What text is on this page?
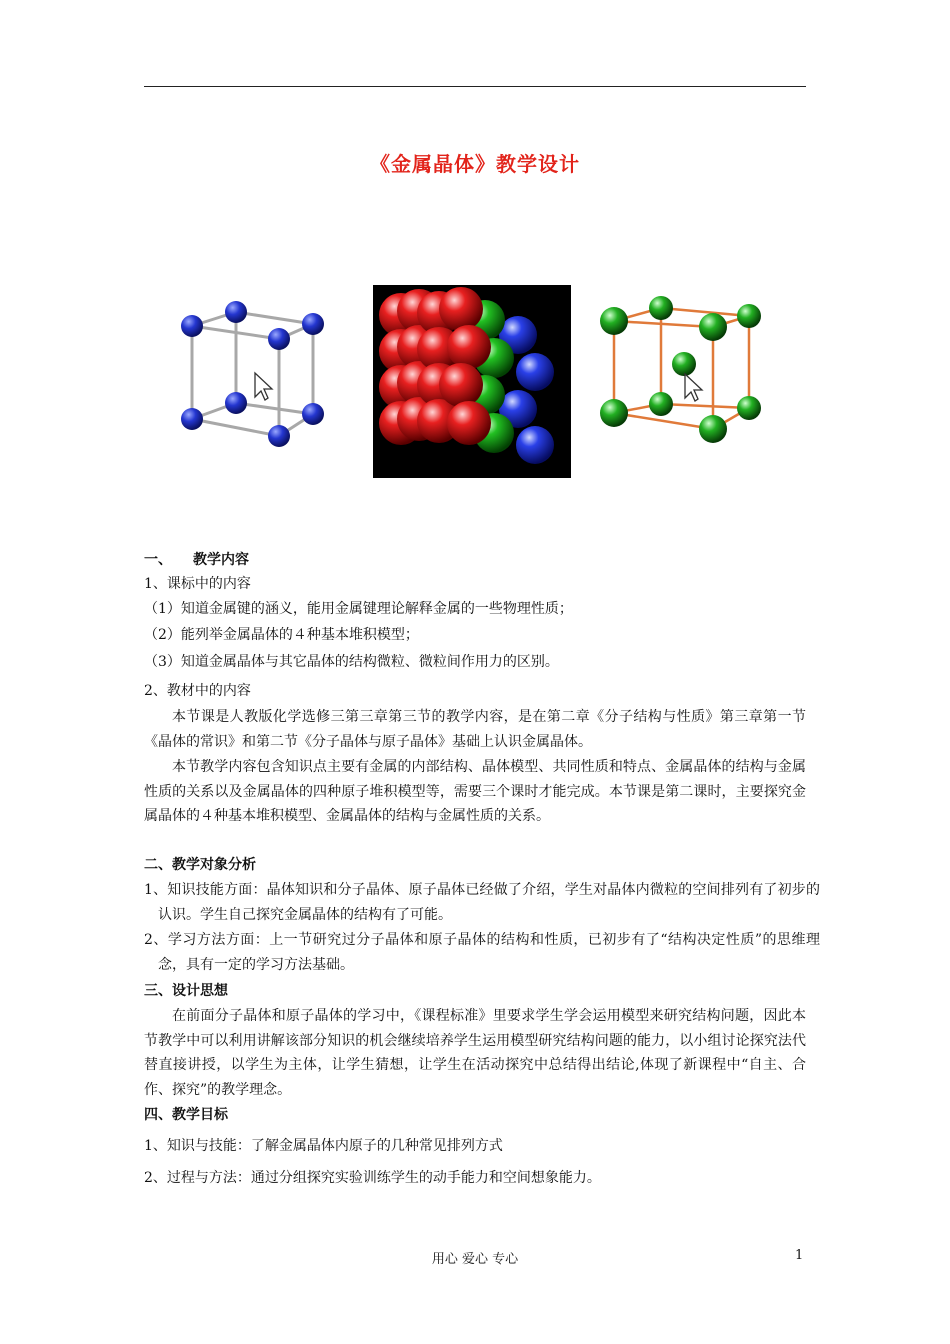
《金属晶体》教学设计
一、　　教学内容
1、课标中的内容
（1）知道金属键的涵义，能用金属键理论解释金属的一些物理性质；
（2）能列举金属晶体的４种基本堆积模型；
（3）知道金属晶体与其它晶体的结构微粒、微粒间作用力的区别。
2、教材中的内容
本节课是人教版化学选修三第三章第三节的教学内容，是在第二章《分子结构与性质》第三章第一节《晶体的常识》和第二节《分子晶体与原子晶体》基础上认识金属晶体。
本节教学内容包含知识点主要有金属的内部结构、晶体模型、共同性质和特点、金属晶体的结构与金属性质的关系以及金属晶体的四种原子堆积模型等，需要三个课时才能完成。本节课是第二课时，主要探究金属晶体的４种基本堆积模型、金属晶体的结构与金属性质的关系。
二、教学对象分析
1、知识技能方面：晶体知识和分子晶体、原子晶体已经做了介绍，学生对晶体内微粒的空间排列有了初步的认识。学生自己探究金属晶体的结构有了可能。
2、学习方法方面：上一节研究过分子晶体和原子晶体的结构和性质，已初步有了“结构决定性质”的思维理念，具有一定的学习方法基础。
三、设计思想
在前面分子晶体和原子晶体的学习中，《课程标准》里要求学生学会运用模型来研究结构问题，因此本节教学中可以利用讲解该部分知识的机会继续培养学生运用模型研究结构问题的能力，以小组讨论探究法代替直接讲授，以学生为主体，让学生猜想，让学生在活动探究中总结得出结论,体现了新课程中“自主、合作、探究”的教学理念。
四、教学目标
1、知识与技能：了解金属晶体内原子的几种常见排列方式
2、过程与方法：通过分组探究实验训练学生的动手能力和空间想象能力。
用心 爱心 专心	1
